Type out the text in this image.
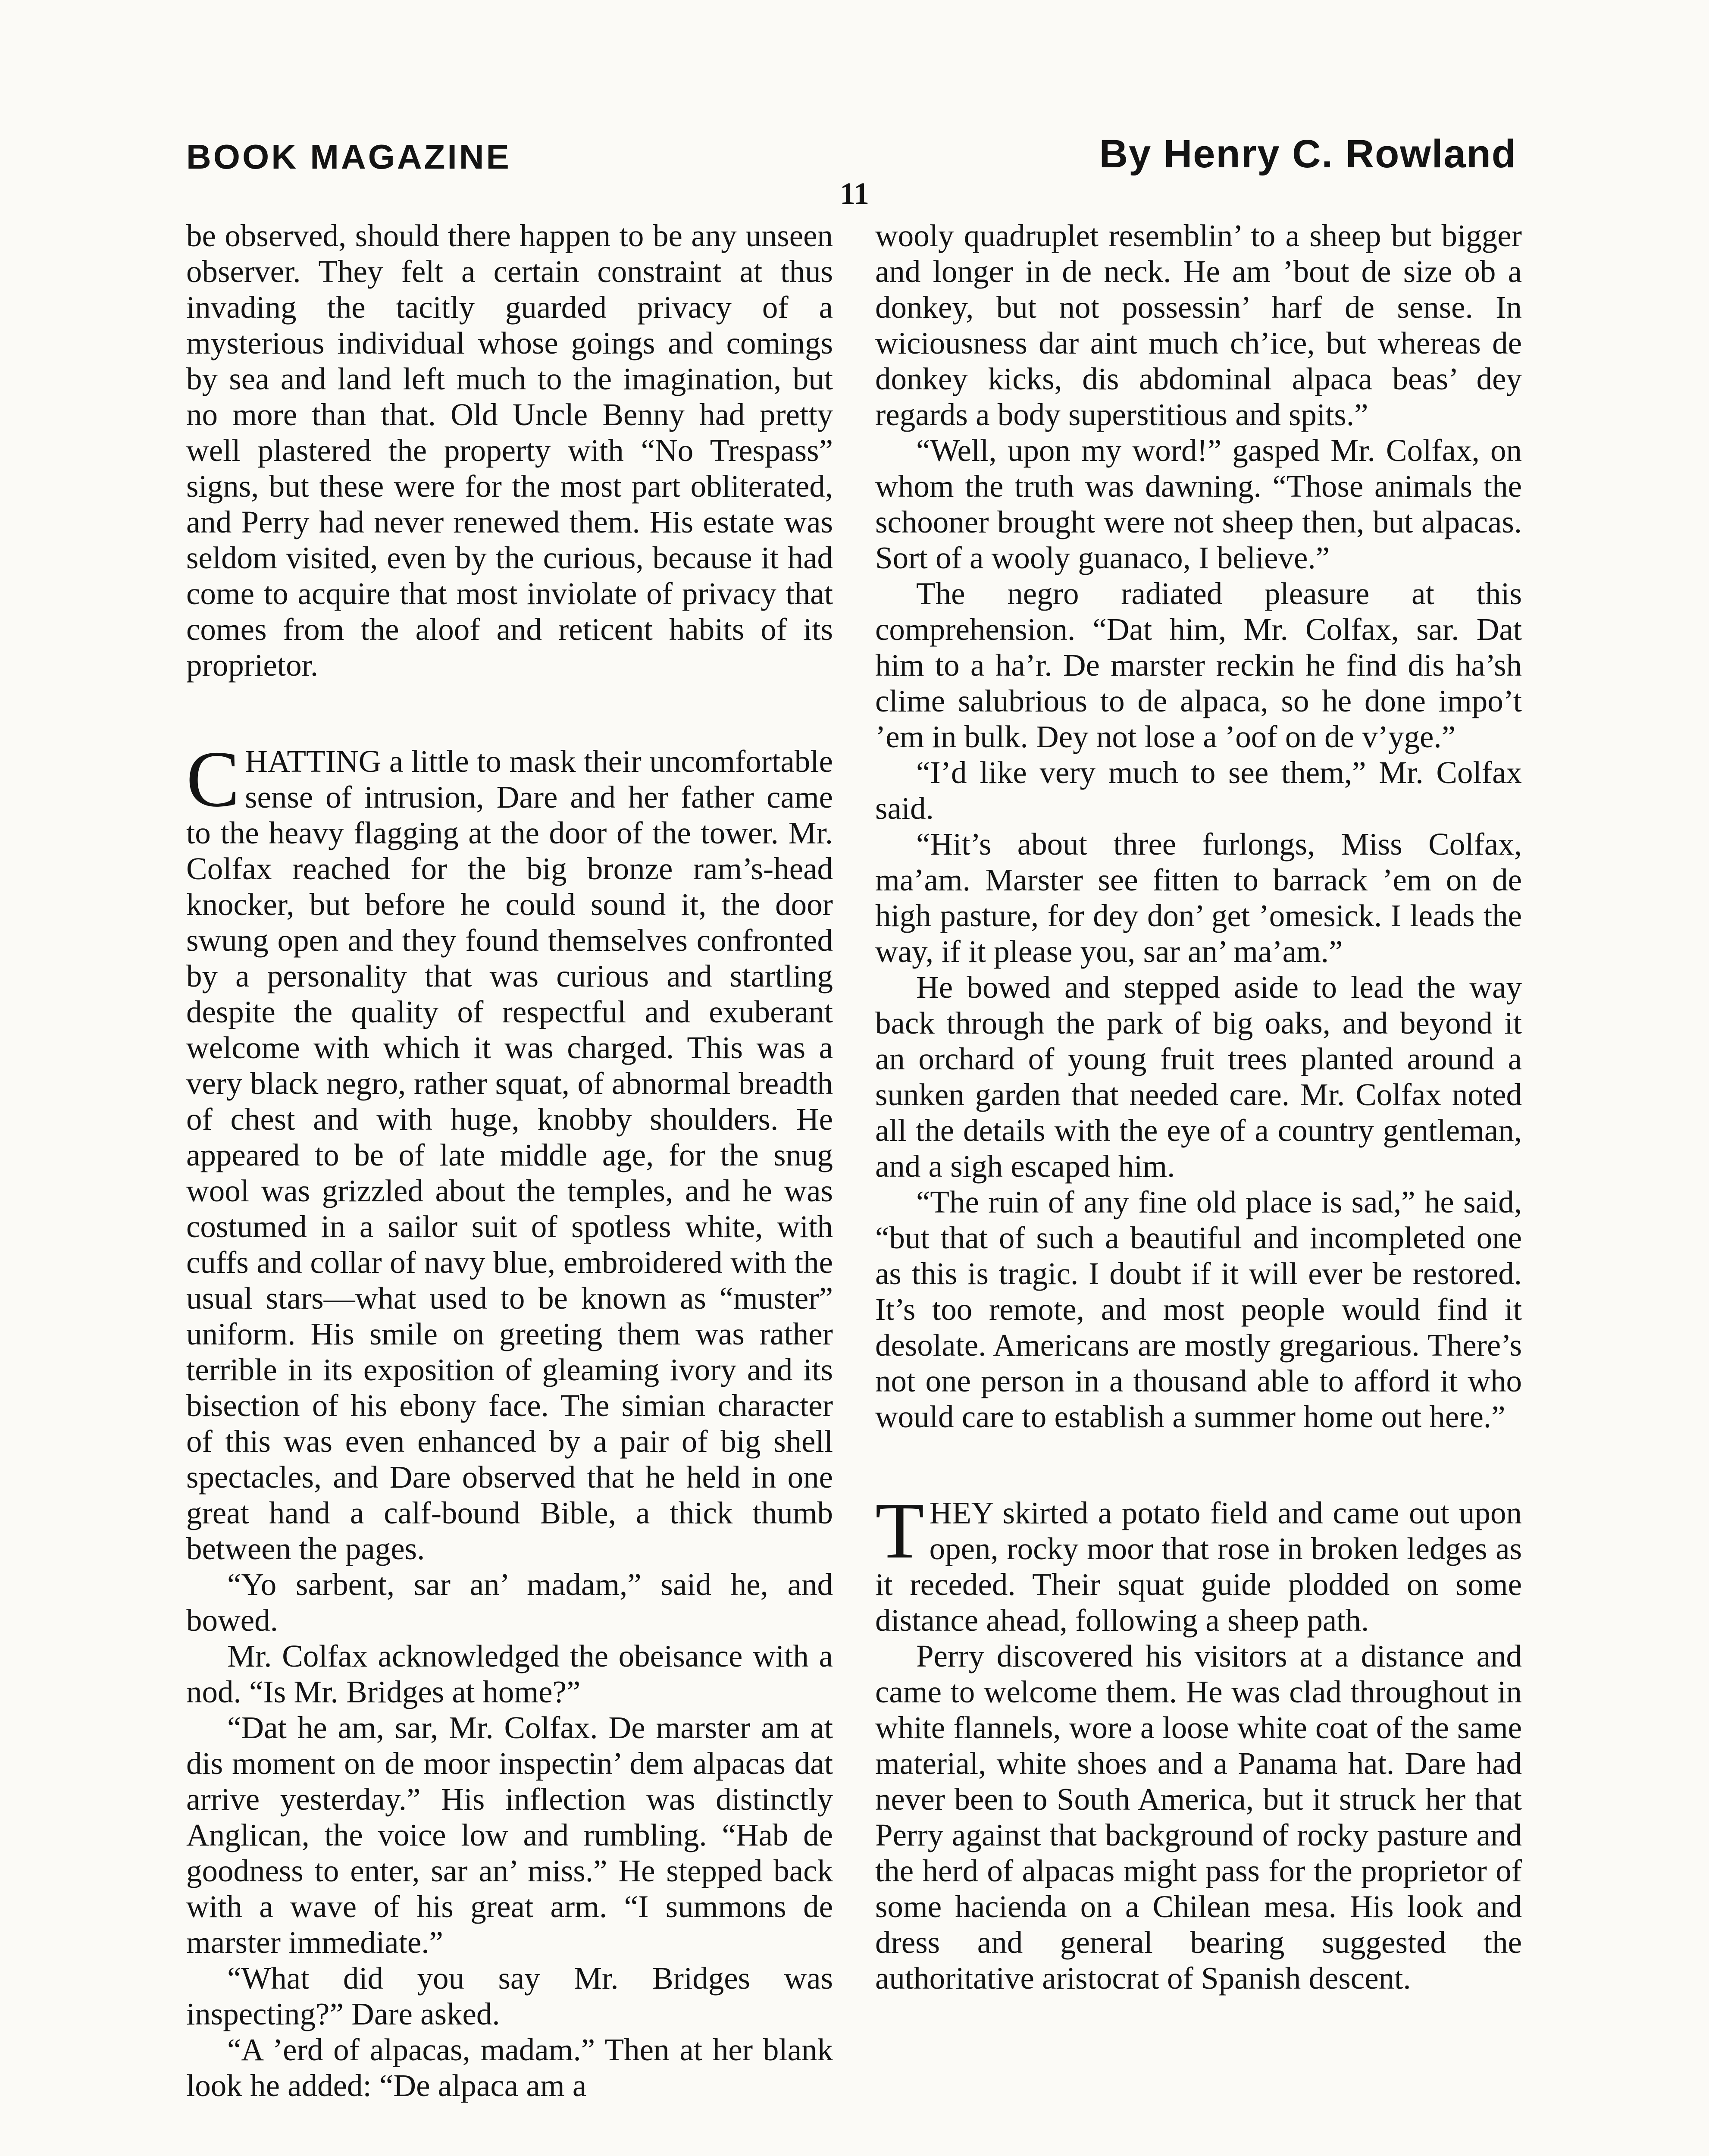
BOOK MAGAZINE	By Henry C. Rowland
11

be observed, should there happen to be any unseen observer. They felt a certain constraint at thus invading the tacitly guarded privacy of a mysterious individual whose goings and comings by sea and land left much to the imagination, but no more than that. Old Uncle Benny had pretty well plastered the property with “No Trespass” signs, but these were for the most part obliterated, and Perry had never renewed them. His estate was seldom visited, even by the curious, because it had come to acquire that most inviolate of privacy that comes from the aloof and reticent habits of its proprietor.

CHATTING a little to mask their uncomfortable sense of intrusion, Dare and her father came to the heavy flagging at the door of the tower. Mr. Colfax reached for the big bronze ram’s-head knocker, but before he could sound it, the door swung open and they found themselves confronted by a personality that was curious and startling despite the quality of respectful and exuberant welcome with which it was charged. This was a very black negro, rather squat, of abnormal breadth of chest and with huge, knobby shoulders. He appeared to be of late middle age, for the snug wool was grizzled about the temples, and he was costumed in a sailor suit of spotless white, with cuffs and collar of navy blue, embroidered with the usual stars—what used to be known as “muster” uniform. His smile on greeting them was rather terrible in its exposition of gleaming ivory and its bisection of his ebony face. The simian character of this was even enhanced by a pair of big shell spectacles, and Dare observed that he held in one great hand a calf-bound Bible, a thick thumb between the pages.

“Yo sarbent, sar an’ madam,” said he, and bowed.

Mr. Colfax acknowledged the obeisance with a nod. “Is Mr. Bridges at home?”

“Dat he am, sar, Mr. Colfax. De marster am at dis moment on de moor inspectin’ dem alpacas dat arrive yesterday.” His inflection was distinctly Anglican, the voice low and rumbling. “Hab de goodness to enter, sar an’ miss.” He stepped back with a wave of his great arm. “I summons de marster immediate.”

“What did you say Mr. Bridges was inspecting?” Dare asked.

“A ’erd of alpacas, madam.” Then at her blank look he added: “De alpaca am a

wooly quadruplet resemblin’ to a sheep but bigger and longer in de neck. He am ’bout de size ob a donkey, but not possessin’ harf de sense. In wiciousness dar aint much ch’ice, but whereas de donkey kicks, dis abdominal alpaca beas’ dey regards a body superstitious and spits.”

“Well, upon my word!” gasped Mr. Colfax, on whom the truth was dawning. “Those animals the schooner brought were not sheep then, but alpacas. Sort of a wooly guanaco, I believe.”

The negro radiated pleasure at this comprehension. “Dat him, Mr. Colfax, sar. Dat him to a ha’r. De marster reckin he find dis ha’sh clime salubrious to de alpaca, so he done impo’t ’em in bulk. Dey not lose a ’oof on de v’yge.”

“I’d like very much to see them,” Mr. Colfax said.

“Hit’s about three furlongs, Miss Colfax, ma’am. Marster see fitten to barrack ’em on de high pasture, for dey don’ get ’omesick. I leads the way, if it please you, sar an’ ma’am.”

He bowed and stepped aside to lead the way back through the park of big oaks, and beyond it an orchard of young fruit trees planted around a sunken garden that needed care. Mr. Colfax noted all the details with the eye of a country gentleman, and a sigh escaped him.

“The ruin of any fine old place is sad,” he said, “but that of such a beautiful and incompleted one as this is tragic. I doubt if it will ever be restored. It’s too remote, and most people would find it desolate. Americans are mostly gregarious. There’s not one person in a thousand able to afford it who would care to establish a summer home out here.”

THEY skirted a potato field and came out upon open, rocky moor that rose in broken ledges as it receded. Their squat guide plodded on some distance ahead, following a sheep path.

Perry discovered his visitors at a distance and came to welcome them. He was clad throughout in white flannels, wore a loose white coat of the same material, white shoes and a Panama hat. Dare had never been to South America, but it struck her that Perry against that background of rocky pasture and the herd of alpacas might pass for the proprietor of some hacienda on a Chilean mesa. His look and dress and general bearing suggested the authoritative aristocrat of Spanish descent.
